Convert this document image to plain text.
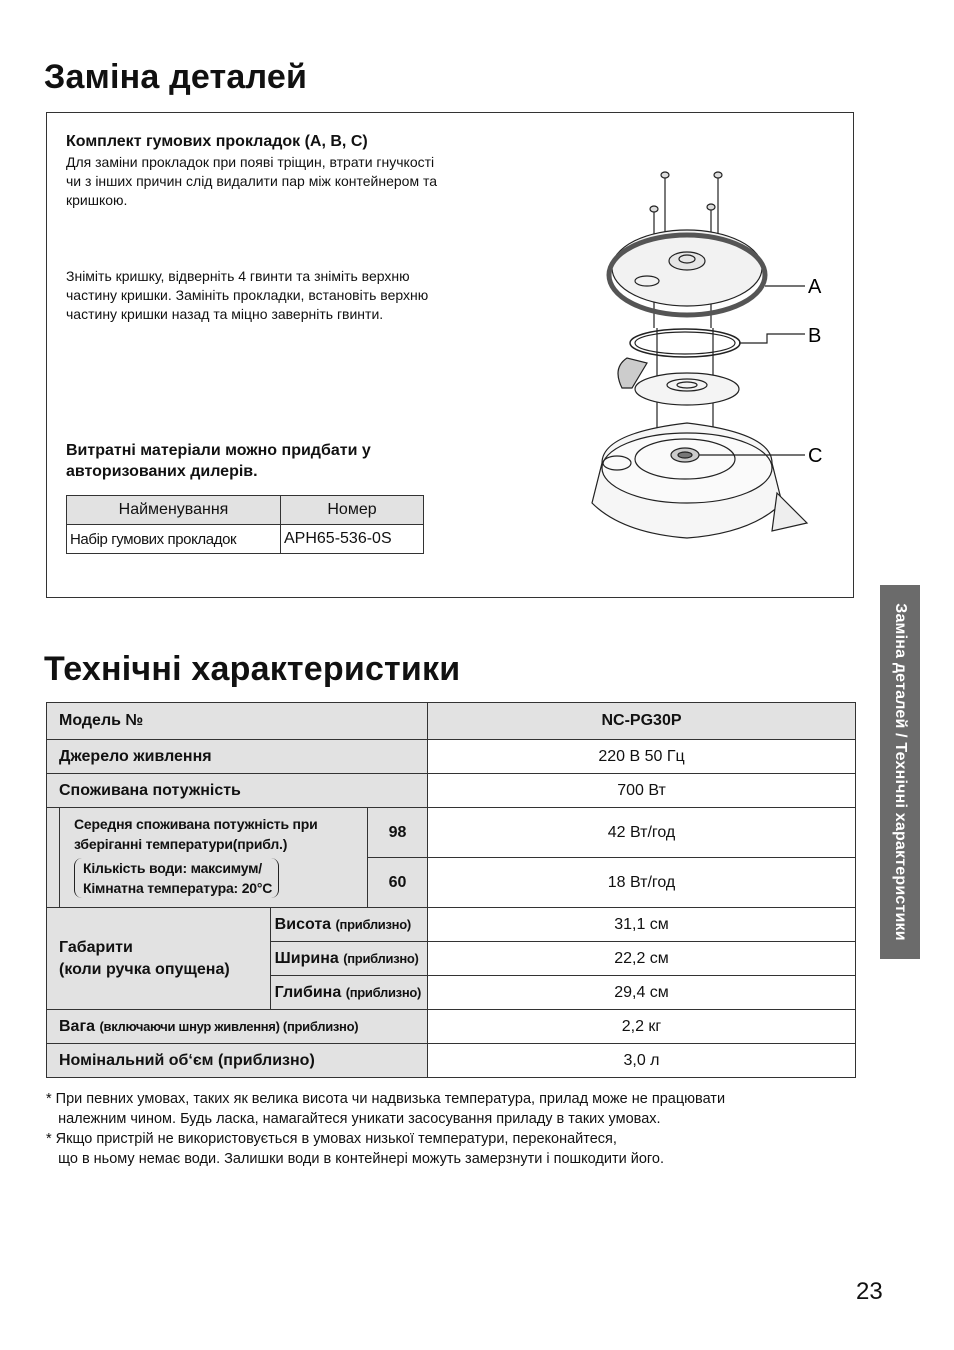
Заміна деталей
Комплект гумових прокладок (A, B, C)
Для заміни прокладок при появі тріщин, втрати гнучкості чи з інших причин слід видалити пар між контейнером та кришкою.
Зніміть кришку, відверніть 4 гвинти та зніміть верхню частину кришки. Замініть прокладки, встановіть верхню частину кришки назад та міцно заверніть гвинти.
Витратні матеріали можно придбати у авторизованих дилерів.
Найменування	Номер
Набір гумових прокладок	APH65-536-0S
A
B
C
Технічні характеристики
Модель №				NC-PG30P
Джерело живлення				220 В 50 Гц
Споживана потужність				700 Вт

	Середня споживана потужність при зберіганні температури(прибл.)
Кількість води: максимум/
Кімнатна температура: 20°C		98	42 Вт/год
			60	18 Вт/год

Габарити
(коли ручка опущена)		Висота (приблизно)		31,1 см
		Ширина (приблизно)		22,2 см
		Глибина (приблизно)		29,4 см
Вага (включаючи шнур живлення) (приблизно)				2,2 кг
Номінальний об‘єм (приблизно)				3,0 л
* При певних умовах, таких як велика висота чи надвизька температура, прилад може не працювати
належним чином. Будь ласка, намагайтеся уникати засосування приладу в таких умовах.
* Якщо пристрій не використовується в умовах низької температури, переконайтеся,
що в ньому немає води. Залишки води в контейнері можуть замерзнути і пошкодити його.
Заміна деталей / Технічні характеристики
23
